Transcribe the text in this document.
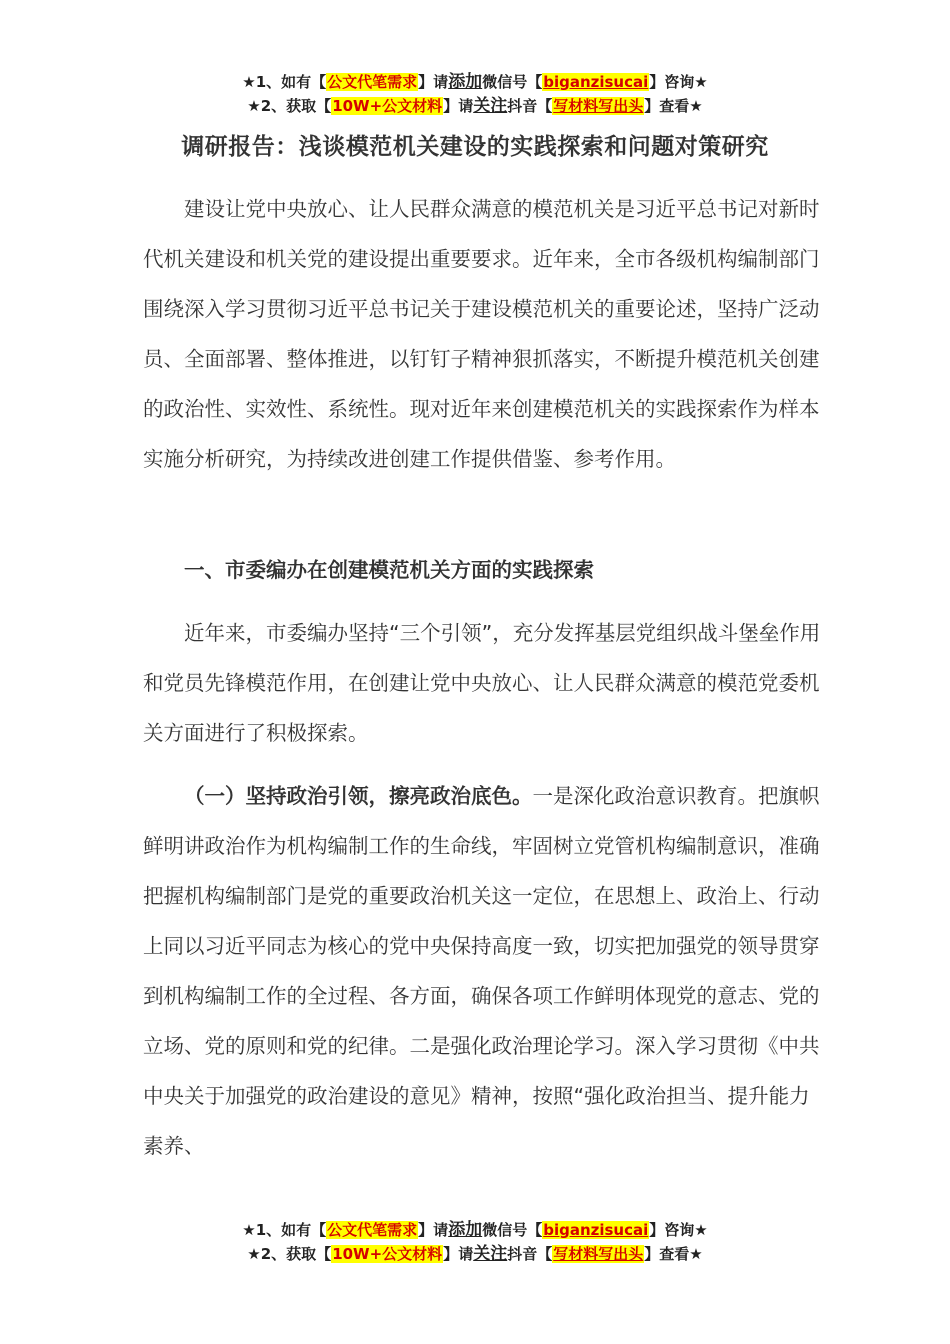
★1、如有【公文代笔需求】请添加微信号【biganzisucai】咨询★
★2、获取【10W+公文材料】请关注抖音【写材料写出头】查看★
调研报告：浅谈模范机关建设的实践探索和问题对策研究

建设让党中央放心、让人民群众满意的模范机关是习近平总书记对新时代机关建设和机关党的建设提出重要要求。近年来，全市各级机构编制部门围绕深入学习贯彻习近平总书记关于建设模范机关的重要论述，坚持广泛动员、全面部署、整体推进，以钉钉子精神狠抓落实，不断提升模范机关创建的政治性、实效性、系统性。现对近年来创建模范机关的实践探索作为样本实施分析研究，为持续改进创建工作提供借鉴、参考作用。

一、市委编办在创建模范机关方面的实践探索

近年来，市委编办坚持“三个引领”，充分发挥基层党组织战斗堡垒作用和党员先锋模范作用，在创建让党中央放心、让人民群众满意的模范党委机关方面进行了积极探索。

（一）坚持政治引领，擦亮政治底色。一是深化政治意识教育。把旗帜鲜明讲政治作为机构编制工作的生命线，牢固树立党管机构编制意识，准确把握机构编制部门是党的重要政治机关这一定位，在思想上、政治上、行动上同以习近平同志为核心的党中央保持高度一致，切实把加强党的领导贯穿到机构编制工作的全过程、各方面，确保各项工作鲜明体现党的意志、党的立场、党的原则和党的纪律。二是强化政治理论学习。深入学习贯彻《中共中央关于加强党的政治建设的意见》精神，按照“强化政治担当、提升能力素养、

★1、如有【公文代笔需求】请添加微信号【biganzisucai】咨询★
★2、获取【10W+公文材料】请关注抖音【写材料写出头】查看★
